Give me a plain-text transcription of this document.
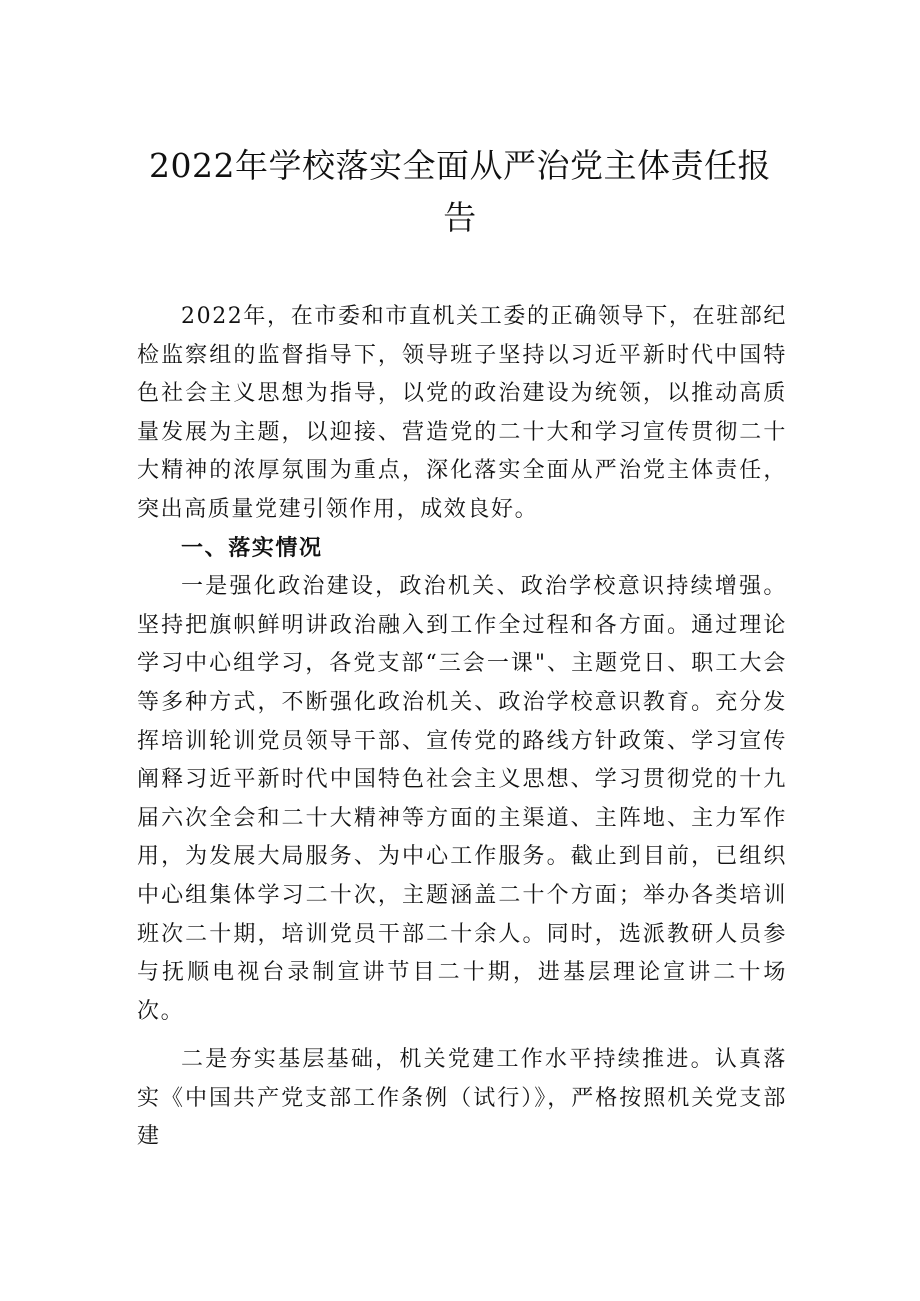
2022年学校落实全面从严治党主体责任报告

2022年，在市委和市直机关工委的正确领导下，在驻部纪检监察组的监督指导下，领导班子坚持以习近平新时代中国特色社会主义思想为指导，以党的政治建设为统领，以推动高质量发展为主题，以迎接、营造党的二十大和学习宣传贯彻二十大精神的浓厚氛围为重点，深化落实全面从严治党主体责任，突出高质量党建引领作用，成效良好。

一、落实情况

一是强化政治建设，政治机关、政治学校意识持续增强。坚持把旗帜鲜明讲政治融入到工作全过程和各方面。通过理论学习中心组学习，各党支部“三会一课"、主题党日、职工大会等多种方式，不断强化政治机关、政治学校意识教育。充分发挥培训轮训党员领导干部、宣传党的路线方针政策、学习宣传阐释习近平新时代中国特色社会主义思想、学习贯彻党的十九届六次全会和二十大精神等方面的主渠道、主阵地、主力军作用，为发展大局服务、为中心工作服务。截止到目前，已组织中心组集体学习二十次，主题涵盖二十个方面；举办各类培训班次二十期，培训党员干部二十余人。同时，选派教研人员参与抚顺电视台录制宣讲节目二十期，进基层理论宣讲二十场次。

二是夯实基层基础，机关党建工作水平持续推进。认真落实《中国共产党支部工作条例（试行）》，严格按照机关党支部建
